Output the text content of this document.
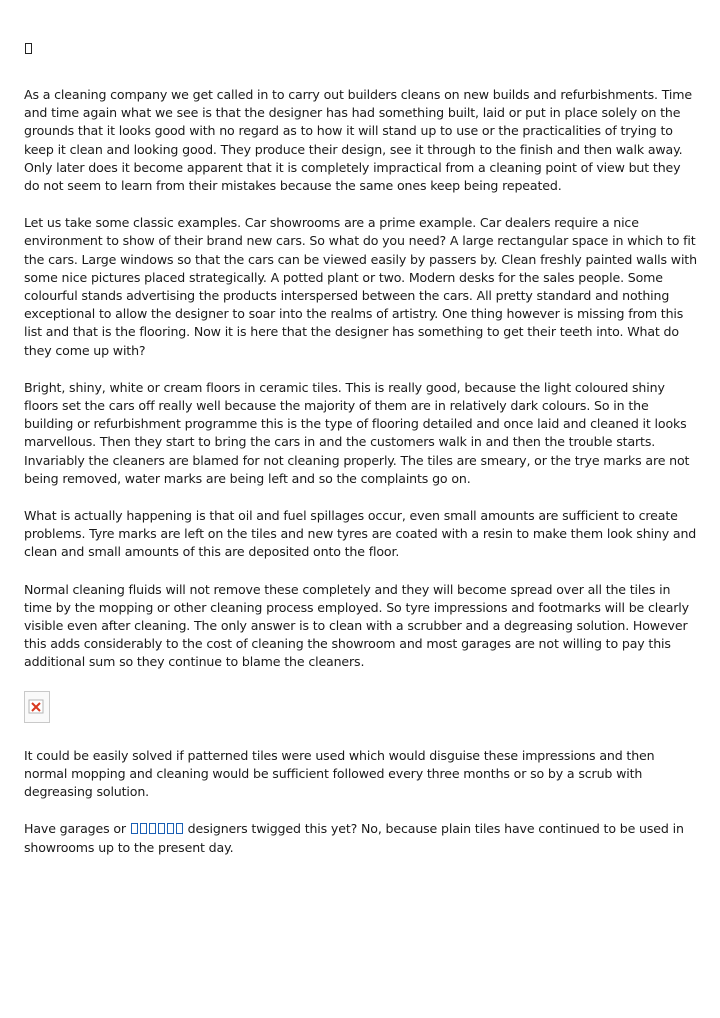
As a cleaning company we get called in to carry out builders cleans on new builds and refurbishments. Time and time again what we see is that the designer has had something built, laid or put in place solely on the grounds that it looks good with no regard as to how it will stand up to use or the practicalities of trying to keep it clean and looking good. They produce their design, see it through to the finish and then walk away. Only later does it become apparent that it is completely impractical from a cleaning point of view but they do not seem to learn from their mistakes because the same ones keep being repeated.

Let us take some classic examples. Car showrooms are a prime example. Car dealers require a nice environment to show of their brand new cars. So what do you need? A large rectangular space in which to fit the cars. Large windows so that the cars can be viewed easily by passers by. Clean freshly painted walls with some nice pictures placed strategically. A potted plant or two. Modern desks for the sales people. Some colourful stands advertising the products interspersed between the cars. All pretty standard and nothing exceptional to allow the designer to soar into the realms of artistry. One thing however is missing from this list and that is the flooring. Now it is here that the designer has something to get their teeth into. What do they come up with?

Bright, shiny, white or cream floors in ceramic tiles. This is really good, because the light coloured shiny floors set the cars off really well because the majority of them are in relatively dark colours. So in the building or refurbishment programme this is the type of flooring detailed and once laid and cleaned it looks marvellous. Then they start to bring the cars in and the customers walk in and then the trouble starts. Invariably the cleaners are blamed for not cleaning properly. The tiles are smeary, or the trye marks are not being removed, water marks are being left and so the complaints go on.

What is actually happening is that oil and fuel spillages occur, even small amounts are sufficient to create problems. Tyre marks are left on the tiles and new tyres are coated with a resin to make them look shiny and clean and small amounts of this are deposited onto the floor.

Normal cleaning fluids will not remove these completely and they will become spread over all the tiles in time by the mopping or other cleaning process employed. So tyre impressions and footmarks will be clearly visible even after cleaning. The only answer is to clean with a scrubber and a degreasing solution. However this adds considerably to the cost of cleaning the showroom and most garages are not willing to pay this additional sum so they continue to blame the cleaners.

It could be easily solved if patterned tiles were used which would disguise these impressions and then normal mopping and cleaning would be sufficient followed every three months or so by a scrub with degreasing solution.

Have garages or	designers twigged this yet? No, because plain tiles have continued to be used in showrooms up to the present day.
